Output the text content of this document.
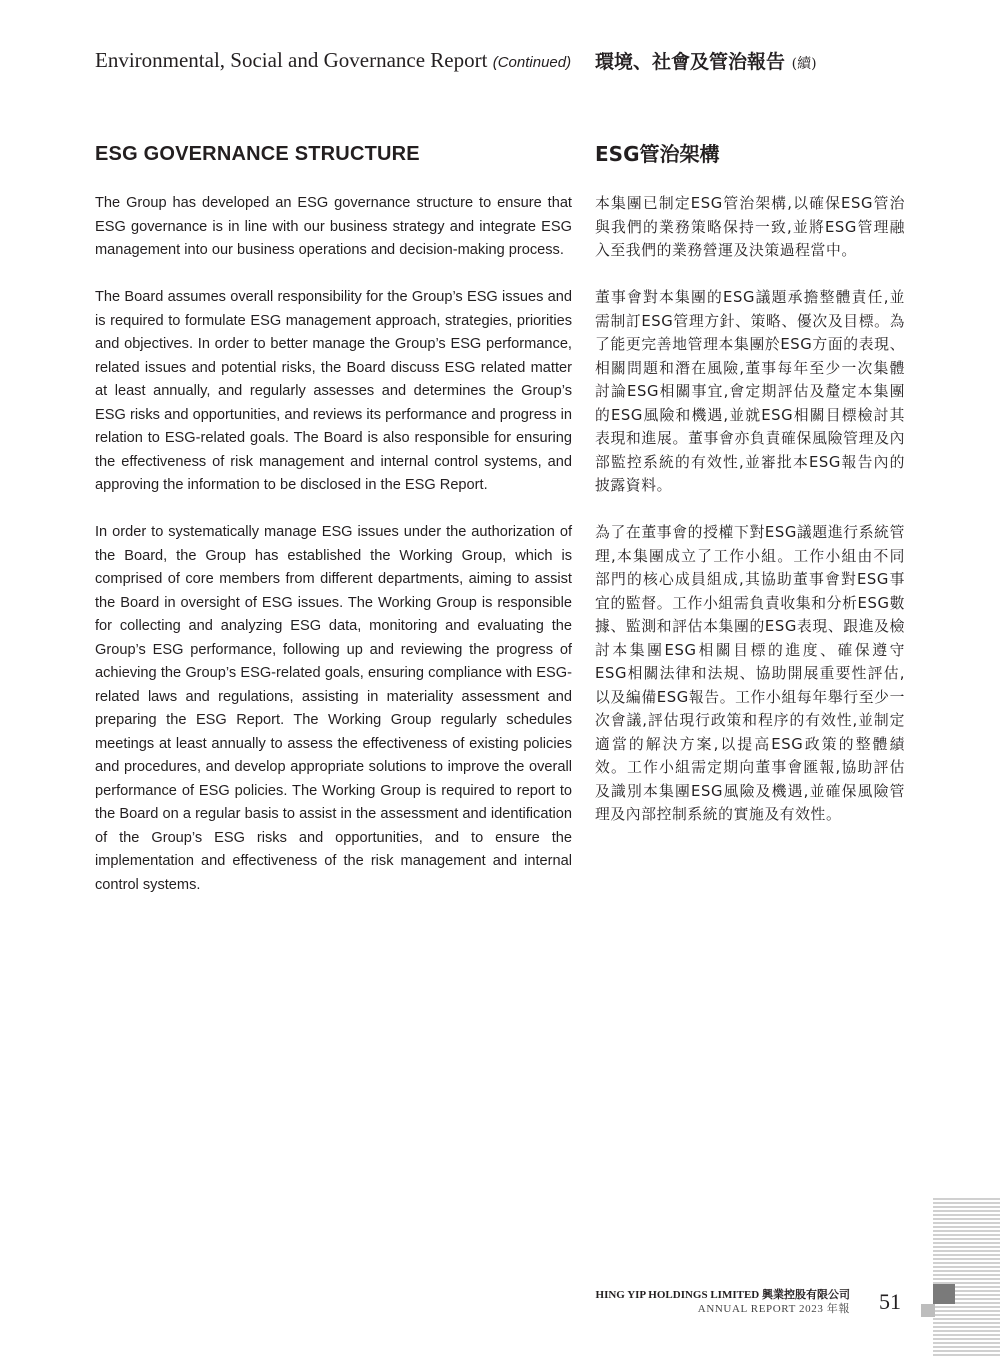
Environmental, Social and Governance Report (Continued) 環境、社會及管治報告 (續)
ESG GOVERNANCE STRUCTURE

The Group has developed an ESG governance structure to ensure that ESG governance is in line with our business strategy and integrate ESG management into our business operations and decision-making process.

The Board assumes overall responsibility for the Group’s ESG issues and is required to formulate ESG management approach, strategies, priorities and objectives. In order to better manage the Group’s ESG performance, related issues and potential risks, the Board discuss ESG related matter at least annually, and regularly assesses and determines the Group’s ESG risks and opportunities, and reviews its performance and progress in relation to ESG-related goals. The Board is also responsible for ensuring the effectiveness of risk management and internal control systems, and approving the information to be disclosed in the ESG Report.

In order to systematically manage ESG issues under the authorization of the Board, the Group has established the Working Group, which is comprised of core members from different departments, aiming to assist the Board in oversight of ESG issues. The Working Group is responsible for collecting and analyzing ESG data, monitoring and evaluating the Group’s ESG performance, following up and reviewing the progress of achieving the Group’s ESG-related goals, ensuring compliance with ESG-related laws and regulations, assisting in materiality assessment and preparing the ESG Report. The Working Group regularly schedules meetings at least annually to assess the effectiveness of existing policies and procedures, and develop appropriate solutions to improve the overall performance of ESG policies. The Working Group is required to report to the Board on a regular basis to assist in the assessment and identification of the Group’s ESG risks and opportunities, and to ensure the implementation and effectiveness of the risk management and internal control systems.

ESG管治架構

本集團已制定ESG管治架構,以確保ESG管治與我們的業務策略保持一致,並將ESG管理融入至我們的業務營運及決策過程當中。

董事會對本集團的ESG議題承擔整體責任,並需制訂ESG管理方針、策略、優次及目標。為了能更完善地管理本集團於ESG方面的表現、相關問題和潛在風險,董事每年至少一次集體討論ESG相關事宜,會定期評估及釐定本集團的ESG風險和機遇,並就ESG相關目標檢討其表現和進展。董事會亦負責確保風險管理及內部監控系統的有效性,並審批本ESG報告內的披露資料。

為了在董事會的授權下對ESG議題進行系統管理,本集團成立了工作小組。工作小組由不同部門的核心成員組成,其協助董事會對ESG事宜的監督。工作小組需負責收集和分析ESG數據、監測和評估本集團的ESG表現、跟進及檢討本集團ESG相關目標的進度、確保遵守ESG相關法律和法規、協助開展重要性評估,以及編備ESG報告。工作小組每年舉行至少一次會議,評估現行政策和程序的有效性,並制定適當的解決方案,以提高ESG政策的整體績效。工作小組需定期向董事會匯報,協助評估及識別本集團ESG風險及機遇,並確保風險管理及內部控制系統的實施及有效性。

HING YIP HOLDINGS LIMITED 興業控股有限公司
ANNUAL REPORT 2023 年報 51
